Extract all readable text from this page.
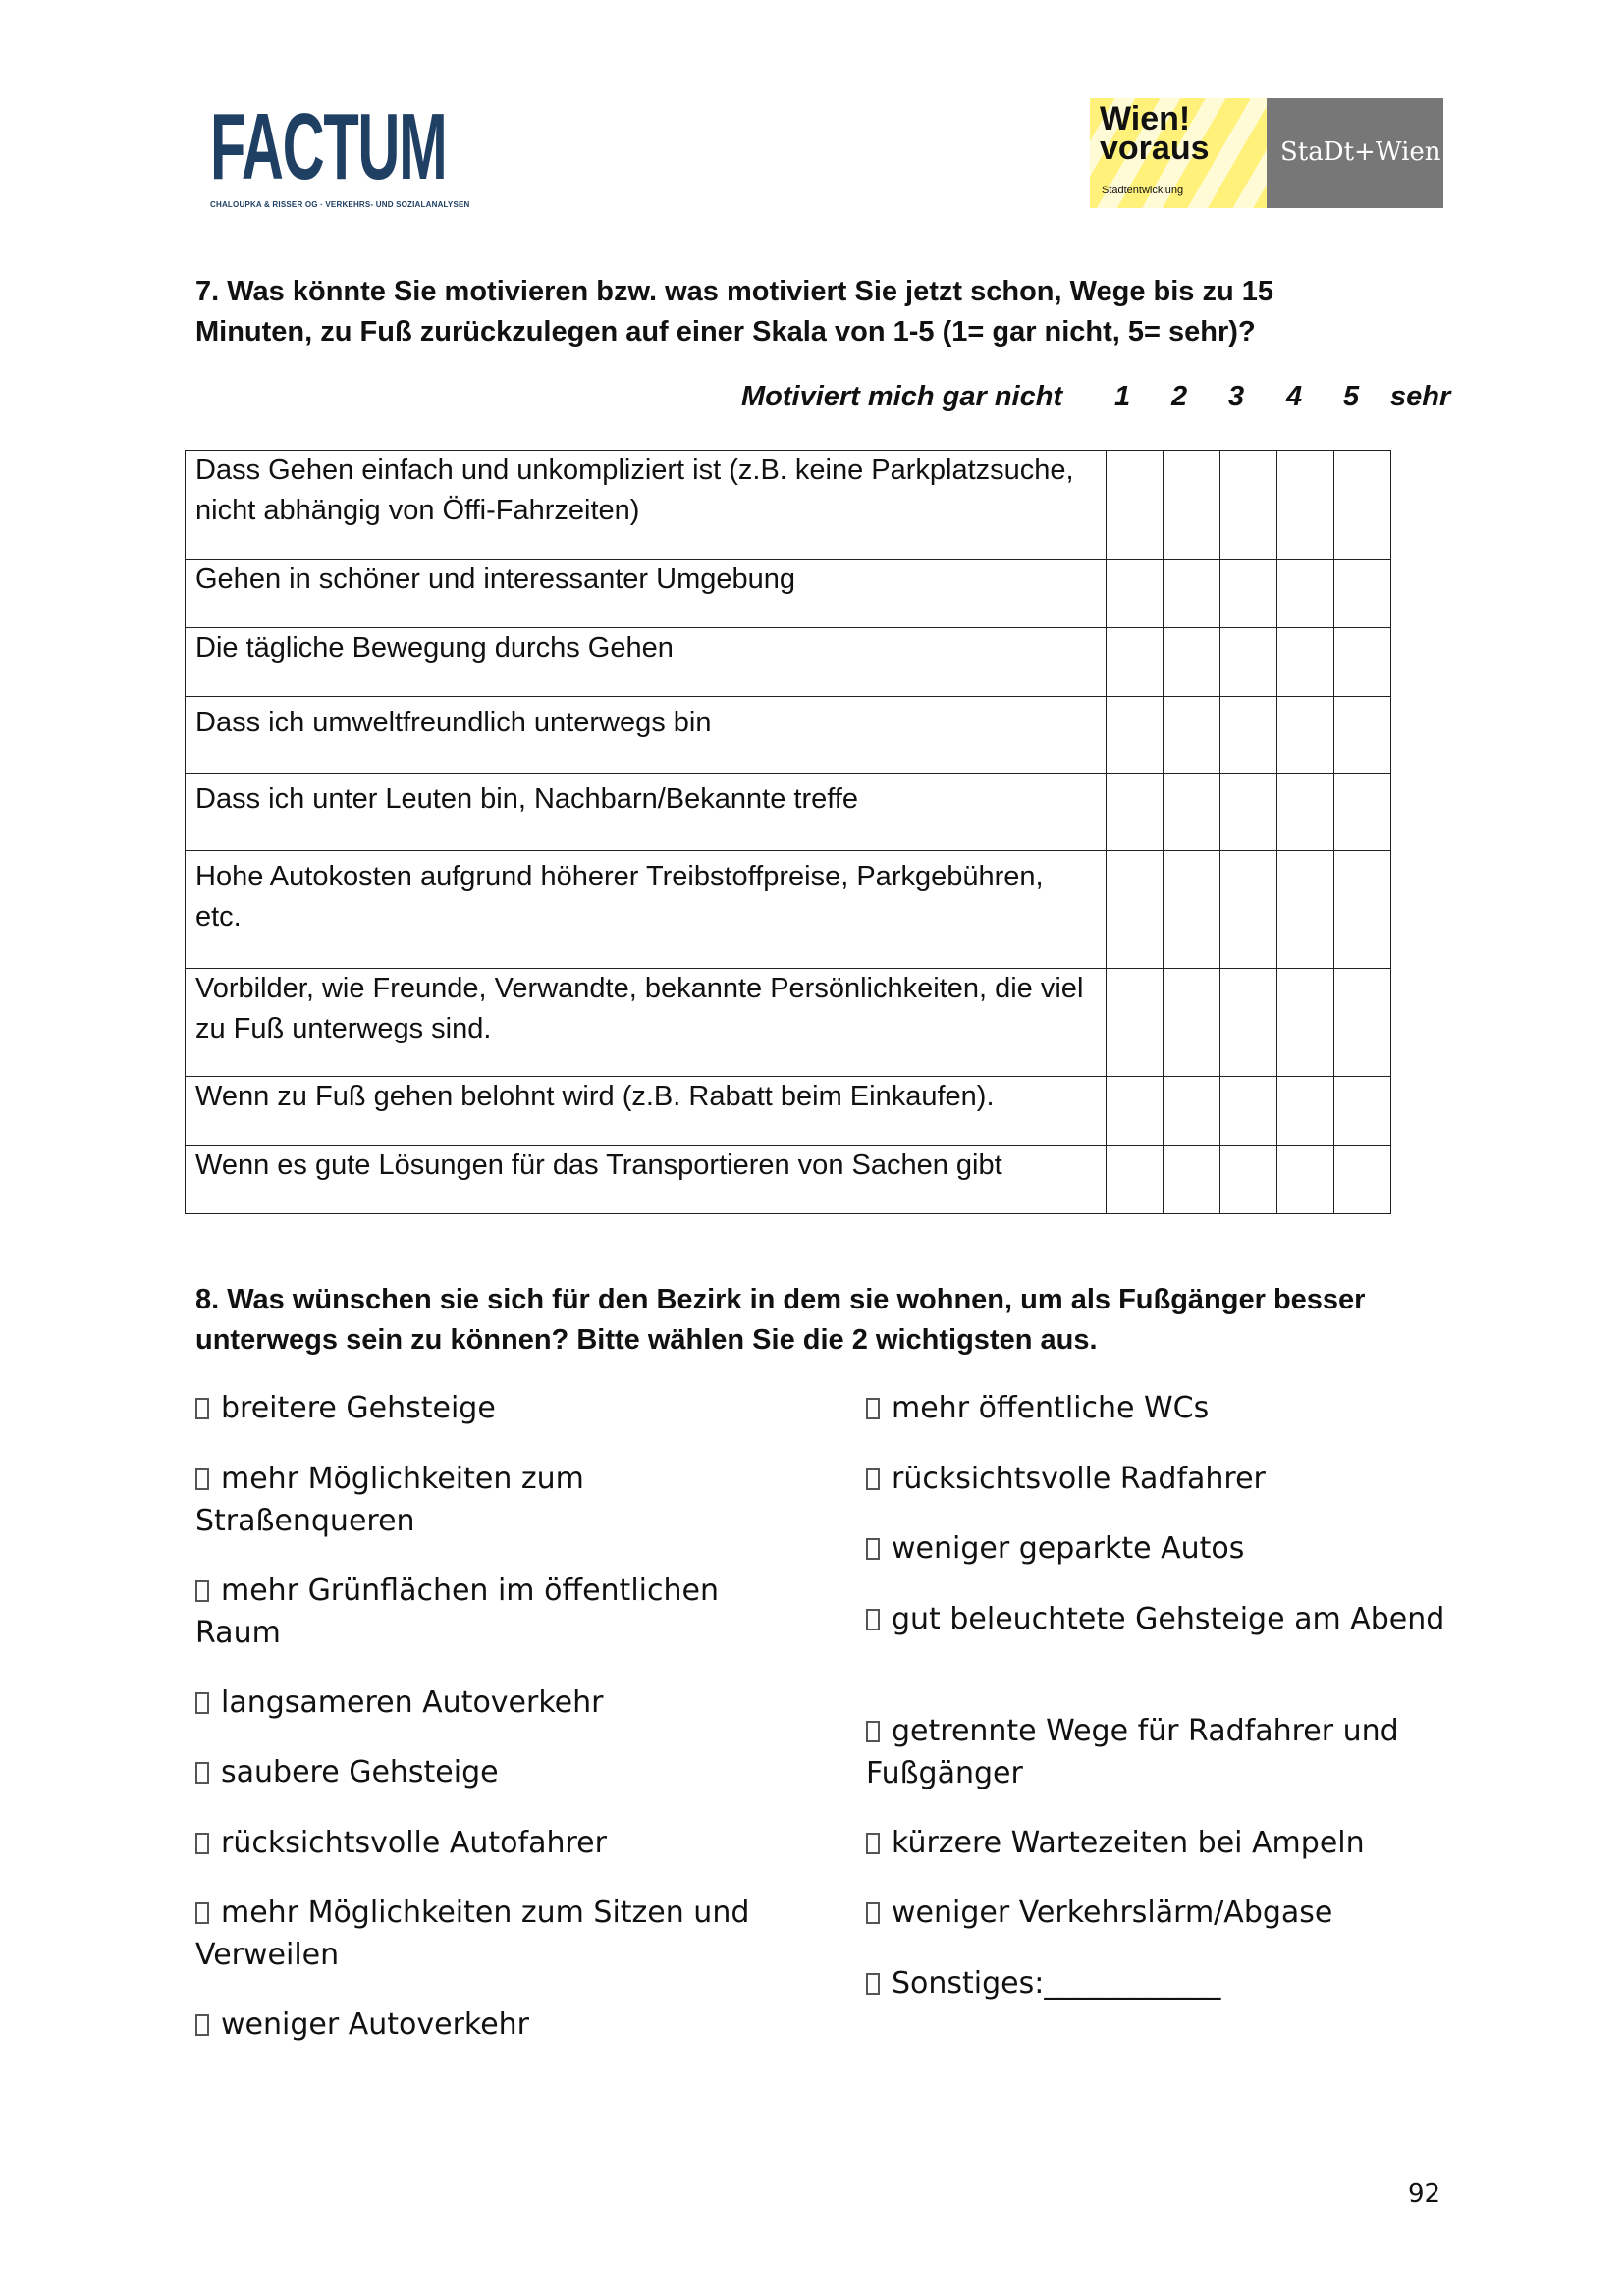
FACTUM
CHALOUPKA & RISSER OG · VERKEHRS- UND SOZIALANALYSEN
Wien!
voraus
Stadtentwicklung
StaDt+Wien
7. Was könnte Sie motivieren bzw. was motiviert Sie jetzt schon, Wege bis zu 15 Minuten, zu Fuß zurückzulegen auf einer Skala von 1-5 (1= gar nicht, 5= sehr)?
Motiviert mich gar nicht 1 2 3 4 5 sehr
Dass Gehen einfach und unkompliziert ist (z.B. keine Parkplatzsuche, nicht abhängig von Öffi-Fahrzeiten)					
Gehen in schöner und interessanter Umgebung					
Die tägliche Bewegung durchs Gehen					
Dass ich umweltfreundlich unterwegs bin					
Dass ich unter Leuten bin, Nachbarn/Bekannte treffe					
Hohe Autokosten aufgrund höherer Treibstoffpreise, Parkgebühren, etc.					
Vorbilder, wie Freunde, Verwandte, bekannte Persönlichkeiten, die viel zu Fuß unterwegs sind.					
Wenn zu Fuß gehen belohnt wird (z.B. Rabatt beim Einkaufen).					
Wenn es gute Lösungen für das Transportieren von Sachen gibt					
8. Was wünschen sie sich für den Bezirk in dem sie wohnen, um als Fußgänger besser unterwegs sein zu können? Bitte wählen Sie die 2 wichtigsten aus.
breitere Gehsteige
mehr Möglichkeiten zum Straßenqueren
mehr Grünflächen im öffentlichen Raum
langsameren Autoverkehr
saubere Gehsteige
rücksichtsvolle Autofahrer
mehr Möglichkeiten zum Sitzen und Verweilen
weniger Autoverkehr
mehr öffentliche WCs
rücksichtsvolle Radfahrer
weniger geparkte Autos
gut beleuchtete Gehsteige am Abend
getrennte Wege für Radfahrer und Fußgänger
kürzere Wartezeiten bei Ampeln
weniger Verkehrslärm/Abgase
Sonstiges:____________
92
